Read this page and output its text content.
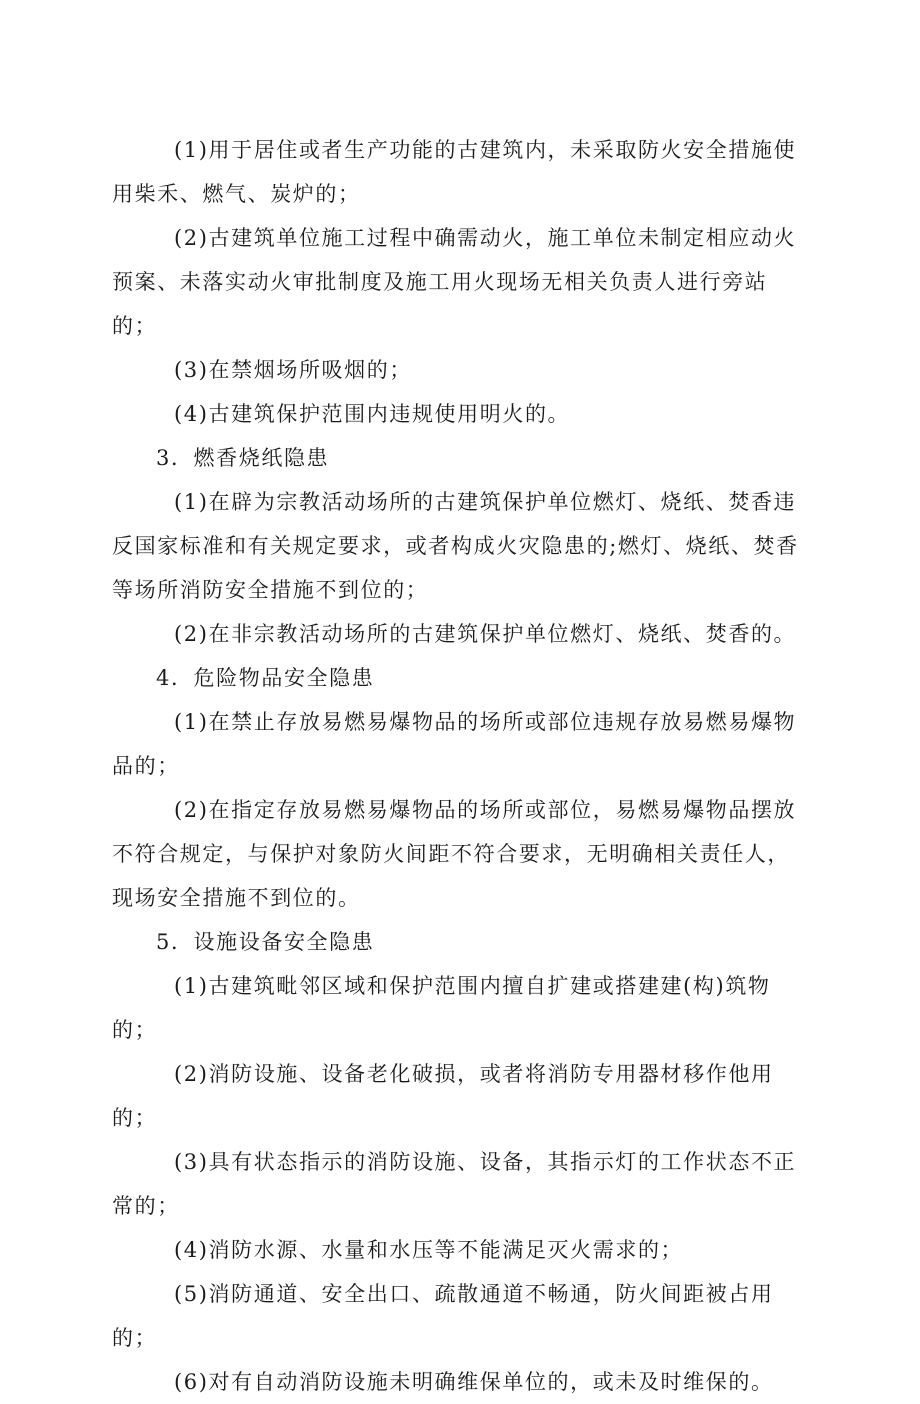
(1)用于居住或者生产功能的古建筑内，未采取防火安全措施使用柴禾、燃气、炭炉的；

(2)古建筑单位施工过程中确需动火，施工单位未制定相应动火预案、未落实动火审批制度及施工用火现场无相关负责人进行旁站的；

(3)在禁烟场所吸烟的；

(4)古建筑保护范围内违规使用明火的。

3．燃香烧纸隐患

(1)在辟为宗教活动场所的古建筑保护单位燃灯、烧纸、焚香违反国家标准和有关规定要求，或者构成火灾隐患的;燃灯、烧纸、焚香等场所消防安全措施不到位的；

(2)在非宗教活动场所的古建筑保护单位燃灯、烧纸、焚香的。

4．危险物品安全隐患

(1)在禁止存放易燃易爆物品的场所或部位违规存放易燃易爆物品的；

(2)在指定存放易燃易爆物品的场所或部位，易燃易爆物品摆放不符合规定，与保护对象防火间距不符合要求，无明确相关责任人，现场安全措施不到位的。

5．设施设备安全隐患

(1)古建筑毗邻区域和保护范围内擅自扩建或搭建建(构)筑物的；

(2)消防设施、设备老化破损，或者将消防专用器材移作他用的；

(3)具有状态指示的消防设施、设备，其指示灯的工作状态不正常的；

(4)消防水源、水量和水压等不能满足灭火需求的；

(5)消防通道、安全出口、疏散通道不畅通，防火间距被占用的；

(6)对有自动消防设施未明确维保单位的，或未及时维保的。
